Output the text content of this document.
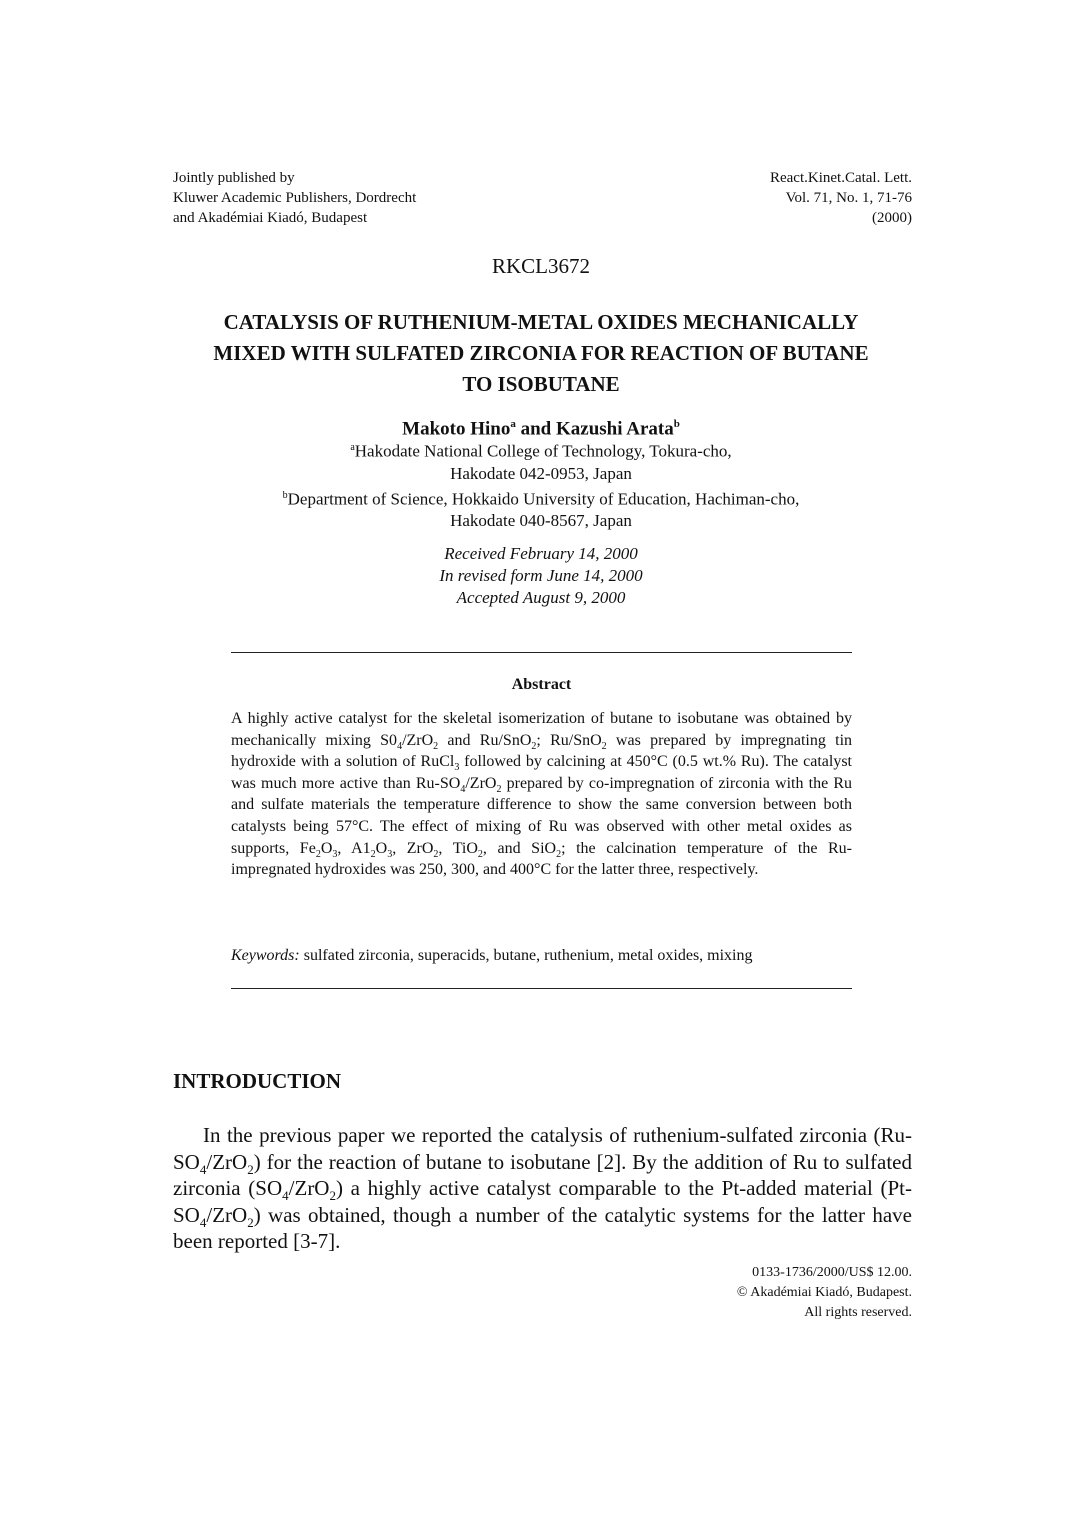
Jointly published by
Kluwer Academic Publishers, Dordrecht
and Akadémiai Kiadó, Budapest
React.Kinet.Catal. Lett.
Vol. 71, No. 1, 71-76
(2000)
RKCL3672
CATALYSIS OF RUTHENIUM-METAL OXIDES MECHANICALLY
MIXED WITH SULFATED ZIRCONIA FOR REACTION OF BUTANE
TO ISOBUTANE
Makoto Hino$^a$ and Kazushi Arata$^b$
$^a$Hakodate National College of Technology, Tokura-cho,
Hakodate 042-0953, Japan
$^b$Department of Science, Hokkaido University of Education, Hachiman-cho,
Hakodate 040-8567, Japan
Received February 14, 2000
In revised form June 14, 2000
Accepted August 9, 2000
Abstract
A highly active catalyst for the skeletal isomerization of butane to isobutane was obtained by mechanically mixing $S0_4/ZrO_2$ and Ru/SnO$_2$; Ru/SnO$_2$ was prepared by impregnating tin hydroxide with a solution of RuCl$_3$ followed by calcining at 450°C (0.5 wt.% Ru). The catalyst was much more active than $Ru-SO_4/ZrO_2$ prepared by co-impregnation of zirconia with the Ru and sulfate materials the temperature difference to show the same conversion between both catalysts being 57°C. The effect of mixing of Ru was observed with other metal oxides as supports, $Fe_2O_3$, $A1_2O_3$, ZrO$_2$, TiO$_2$, and SiO$_2$; the calcination temperature of the Ru-impregnated hydroxides was 250, 300, and 400°C for the latter three, respectively.
Keywords: sulfated zirconia, superacids, butane, ruthenium, metal oxides, mixing
INTRODUCTION
In the previous paper we reported the catalysis of ruthenium-sulfated zirconia $(Ru-SO_4/ZrO_2)$ for the reaction of butane to isobutane [2]. By the addition of Ru to sulfated zirconia $(SO_4/ZrO_2)$ a highly active catalyst comparable to the Pt-added material $(Pt-SO_4/ZrO_2)$ was obtained, though a number of the catalytic systems for the latter have been reported [3-7].
0133-1736/2000/US$ 12.00.
© Akadémiai Kiadó, Budapest.
All rights reserved.
